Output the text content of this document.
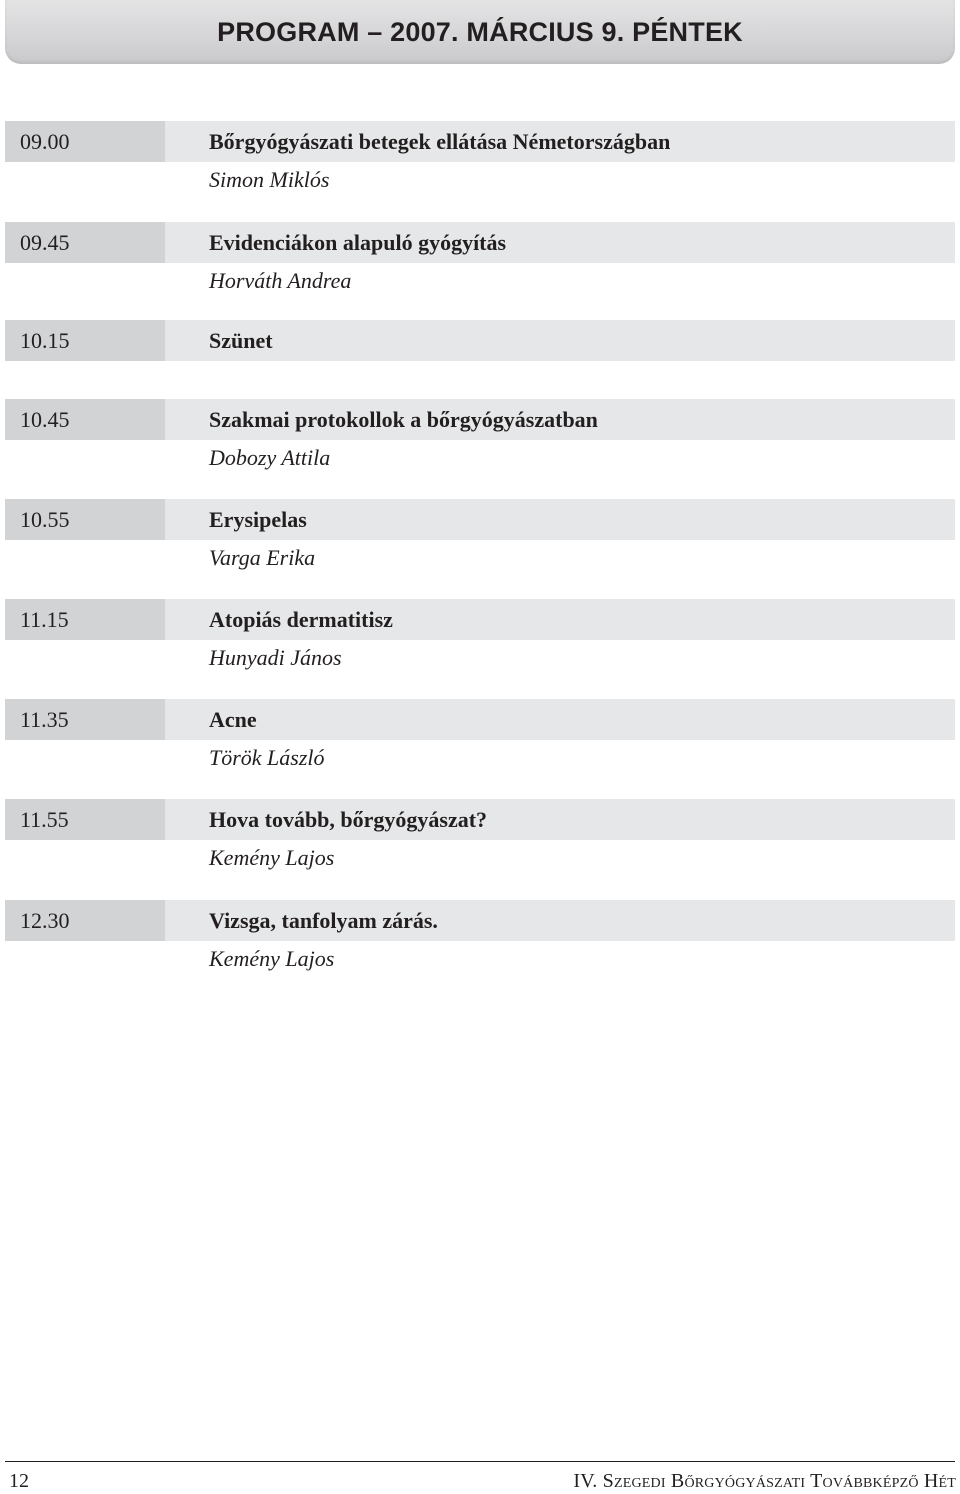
PROGRAM – 2007. MÁRCIUS 9. PÉNTEK
09.00	Bőrgyógyászati betegek ellátása Németországban
Simon Miklós
09.45	Evidenciákon alapuló gyógyítás
Horváth Andrea
10.15	Szünet
10.45	Szakmai protokollok a bőrgyógyászatban
Dobozy Attila
10.55	Erysipelas
Varga Erika
11.15	Atopiás dermatitisz
Hunyadi János
11.35	Acne
Török László
11.55	Hova tovább, bőrgyógyászat?
Kemény Lajos
12.30	Vizsga, tanfolyam zárás.
Kemény Lajos
12	IV. Szegedi Bőrgyógyászati Továbbképző Hét
